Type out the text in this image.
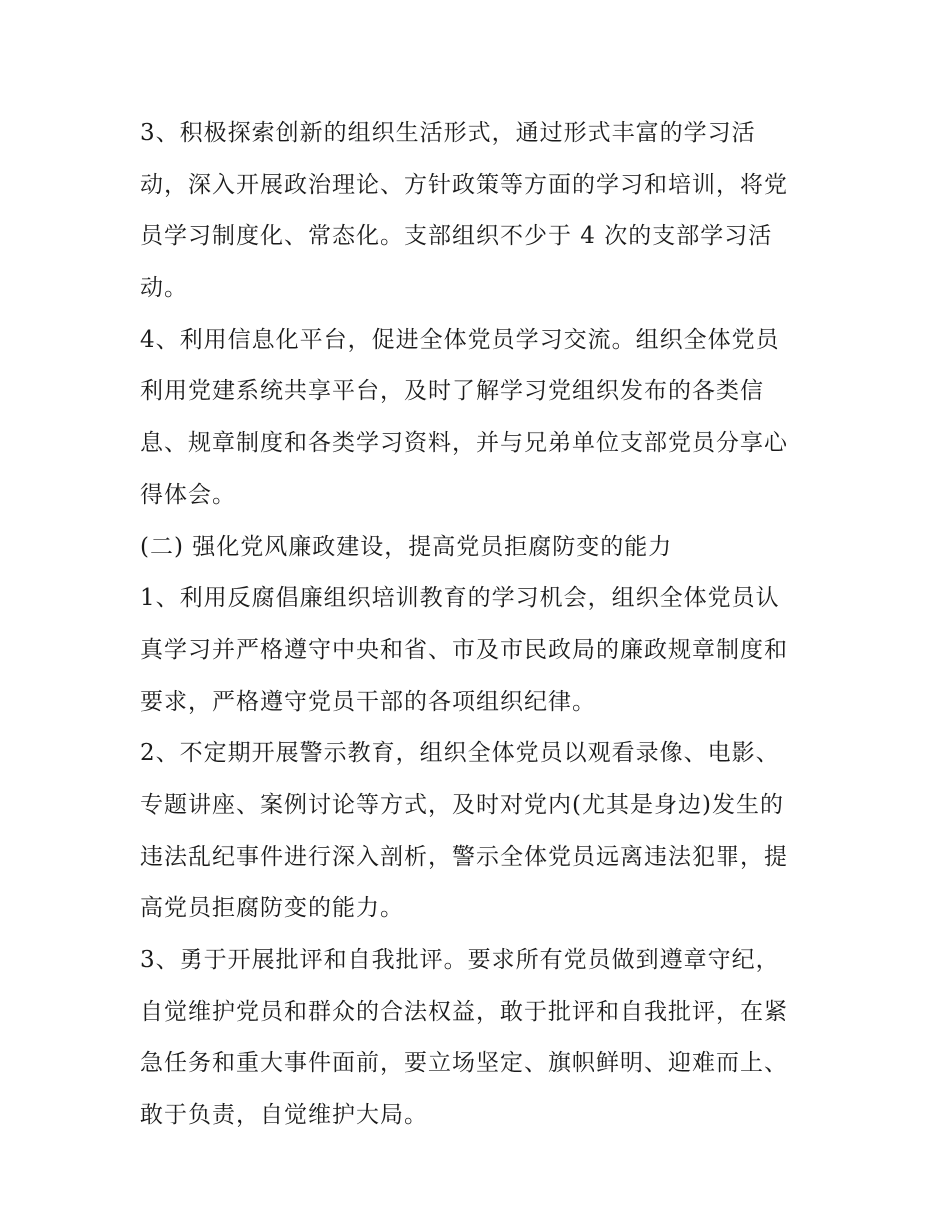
3、积极探索创新的组织生活形式，通过形式丰富的学习活
动，深入开展政治理论、方针政策等方面的学习和培训，将党
员学习制度化、常态化。支部组织不少于 4 次的支部学习活
动。
4、利用信息化平台，促进全体党员学习交流。组织全体党员
利用党建系统共享平台，及时了解学习党组织发布的各类信
息、规章制度和各类学习资料，并与兄弟单位支部党员分享心
得体会。
(二) 强化党风廉政建设，提高党员拒腐防变的能力
1、利用反腐倡廉组织培训教育的学习机会，组织全体党员认
真学习并严格遵守中央和省、市及市民政局的廉政规章制度和
要求，严格遵守党员干部的各项组织纪律。
2、不定期开展警示教育，组织全体党员以观看录像、电影、
专题讲座、案例讨论等方式，及时对党内(尤其是身边)发生的
违法乱纪事件进行深入剖析，警示全体党员远离违法犯罪，提
高党员拒腐防变的能力。
3、勇于开展批评和自我批评。要求所有党员做到遵章守纪，
自觉维护党员和群众的合法权益，敢于批评和自我批评，在紧
急任务和重大事件面前，要立场坚定、旗帜鲜明、迎难而上、
敢于负责，自觉维护大局。
